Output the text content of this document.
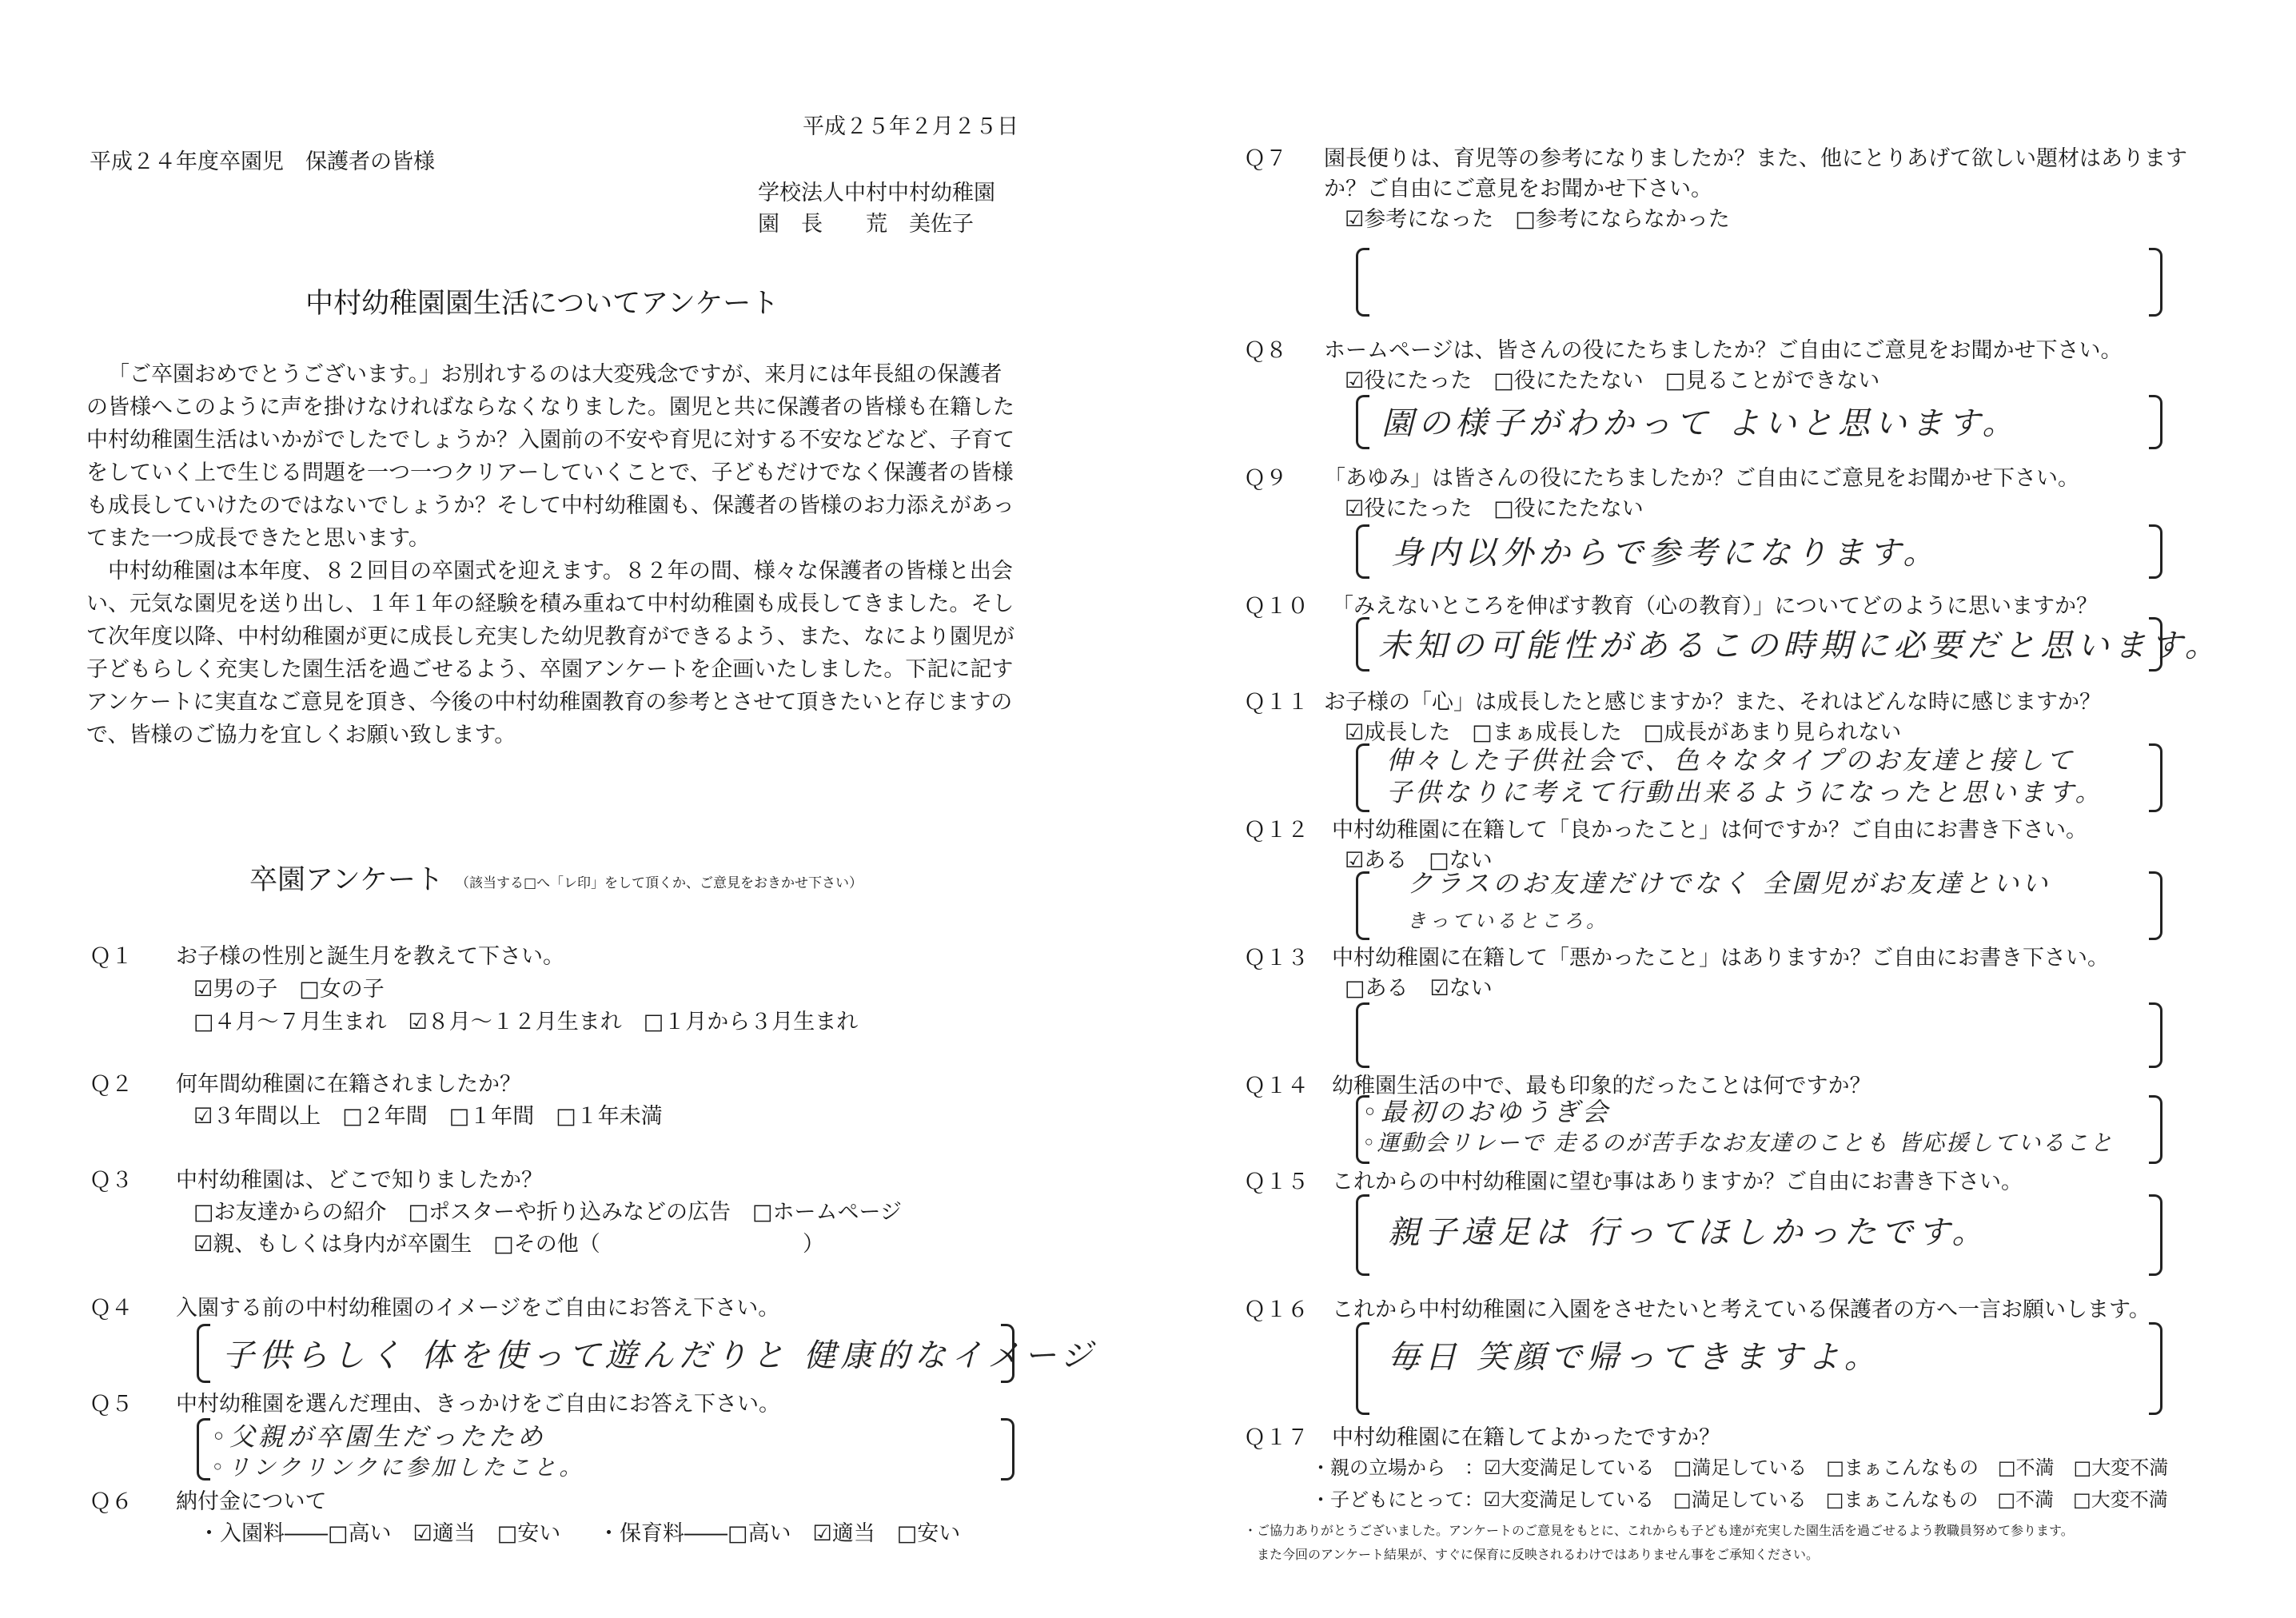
平成２５年２月２５日
平成２４年度卒園児　保護者の皆様
学校法人中村中村幼稚園
園　長　　荒　美佐子
中村幼稚園園生活についてアンケート

「ご卒園おめでとうございます。」お別れするのは大変残念ですが、来月には年長組の保護者の皆様へこのように声を掛けなければならなくなりました。園児と共に保護者の皆様も在籍した中村幼稚園生活はいかがでしたでしょうか？入園前の不安や育児に対する不安などなど、子育てをしていく上で生じる問題を一つ一つクリアーしていくことで、子どもだけでなく保護者の皆様も成長していけたのではないでしょうか？そして中村幼稚園も、保護者の皆様のお力添えがあってまた一つ成長できたと思います。

中村幼稚園は本年度、８２回目の卒園式を迎えます。８２年の間、様々な保護者の皆様と出会い、元気な園児を送り出し、１年１年の経験を積み重ねて中村幼稚園も成長してきました。そして次年度以降、中村幼稚園が更に成長し充実した幼児教育ができるよう、また、なにより園児が子どもらしく充実した園生活を過ごせるよう、卒園アンケートを企画いたしました。下記に記すアンケートに実直なご意見を頂き、今後の中村幼稚園教育の参考とさせて頂きたいと存じますので、皆様のご協力を宜しくお願い致します。

卒園アンケート （該当する□へ「レ印」をして頂くか、ご意見をおきかせ下さい）
Ｑ１ お子様の性別と誕生月を教えて下さい。
☑男の子　□女の子
□４月〜７月生まれ　☑８月〜１２月生まれ　□１月から３月生まれ
Ｑ２ 何年間幼稚園に在籍されましたか？
☑３年間以上　□２年間　□１年間　□１年未満
Ｑ３ 中村幼稚園は、どこで知りましたか？
□お友達からの紹介　□ポスターや折り込みなどの広告　□ホームページ
☑親、もしくは身内が卒園生　□その他（	）
Ｑ４ 入園する前の中村幼稚園のイメージをご自由にお答え下さい。
子供らしく 体を使って遊んだりと 健康的なイメージ
Ｑ５ 中村幼稚園を選んだ理由、きっかけをご自由にお答え下さい。
◦父親が卒園生だったため
◦リンクリンクに参加したこと。
Ｑ６ 納付金について
・入園料――□高い　☑適当　□安い ・保育料――□高い　☑適当　□安い
Ｑ７ 園長便りは、育児等の参考になりましたか？また、他にとりあげて欲しい題材はあります
か？ご自由にご意見をお聞かせ下さい。
☑参考になった　□参考にならなかった
Ｑ８ ホームページは、皆さんの役にたちましたか？ご自由にご意見をお聞かせ下さい。
☑役にたった　□役にたたない　□見ることができない
園の様子がわかって よいと思います。
Ｑ９ 「あゆみ」は皆さんの役にたちましたか？ご自由にご意見をお聞かせ下さい。
☑役にたった　□役にたたない
身内以外からで参考になります。
Ｑ１０ 「みえないところを伸ばす教育（心の教育）」についてどのように思いますか？
未知の可能性があるこの時期に必要だと思います。
Ｑ１１ お子様の「心」は成長したと感じますか？また、それはどんな時に感じますか？
☑成長した　□まぁ成長した　□成長があまり見られない
伸々した子供社会で、色々なタイプのお友達と接して
子供なりに考えて行動出来るようになったと思います。
Ｑ１２ 中村幼稚園に在籍して「良かったこと」は何ですか？ご自由にお書き下さい。
☑ある　□ない
クラスのお友達だけでなく 全園児がお友達といい
きっているところ。
Ｑ１３ 中村幼稚園に在籍して「悪かったこと」はありますか？ご自由にお書き下さい。
□ある　☑ない
Ｑ１４ 幼稚園生活の中で、最も印象的だったことは何ですか？
◦最初のおゆうぎ会
◦運動会リレーで 走るのが苦手なお友達のことも 皆応援していること
Ｑ１５ これからの中村幼稚園に望む事はありますか？ご自由にお書き下さい。
親子遠足は 行ってほしかったです。
Ｑ１６ これから中村幼稚園に入園をさせたいと考えている保護者の方へ一言お願いします。
毎日 笑顔で帰ってきますよ。
Ｑ１７ 中村幼稚園に在籍してよかったですか？
・親の立場から　：☑大変満足している　□満足している　□まぁこんなもの　□不満　□大変不満
・子どもにとって：☑大変満足している　□満足している　□まぁこんなもの　□不満　□大変不満
・ご協力ありがとうございました。アンケートのご意見をもとに、これからも子ども達が充実した園生活を過ごせるよう教職員努めて参ります。
また今回のアンケート結果が、すぐに保育に反映されるわけではありません事をご承知ください。
